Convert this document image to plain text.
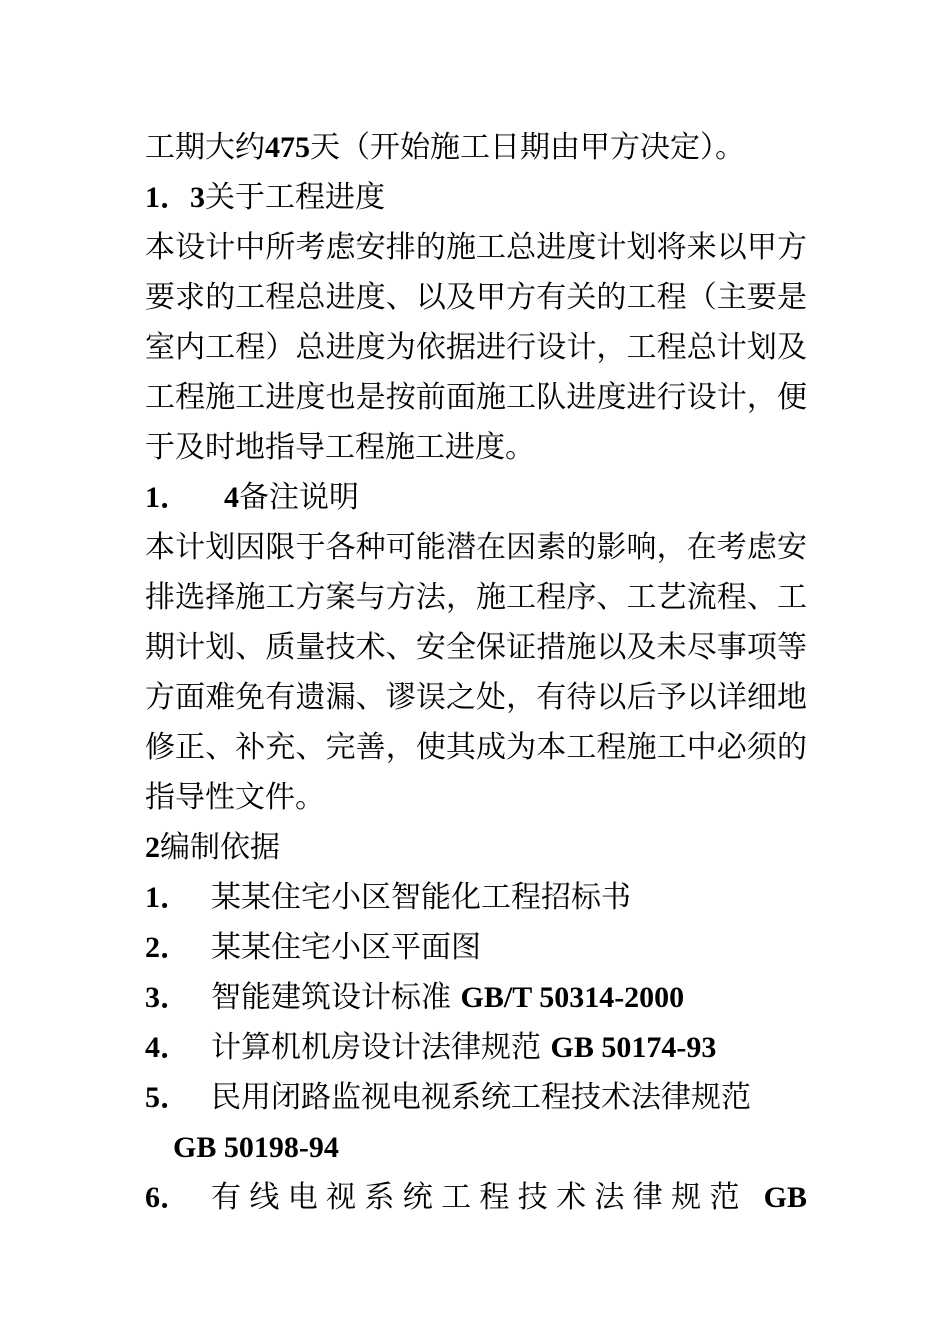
工期大约475天（开始施工日期由甲方决定）。
1．3关于工程进度
本设计中所考虑安排的施工总进度计划将来以甲方要求的工程总进度、以及甲方有关的工程（主要是室内工程）总进度为依据进行设计，工程总计划及工程施工进度也是按前面施工队进度进行设计，便于及时地指导工程施工进度。
1． 4备注说明
本计划因限于各种可能潜在因素的影响，在考虑安排选择施工方案与方法，施工程序、工艺流程、工期计划、质量技术、安全保证措施以及未尽事项等方面难免有遗漏、谬误之处，有待以后予以详细地修正、补充、完善，使其成为本工程施工中必须的指导性文件。
2编制依据
1． 某某住宅小区智能化工程招标书
2． 某某住宅小区平面图
3． 智能建筑设计标准 GB/T 50314-2000
4． 计算机机房设计法律规范 GB 50174-93
5． 民用闭路监视电视系统工程技术法律规范
GB 50198-94
6． 有 线 电 视 系 统 工 程 技 术 法 律 规 范 GB
